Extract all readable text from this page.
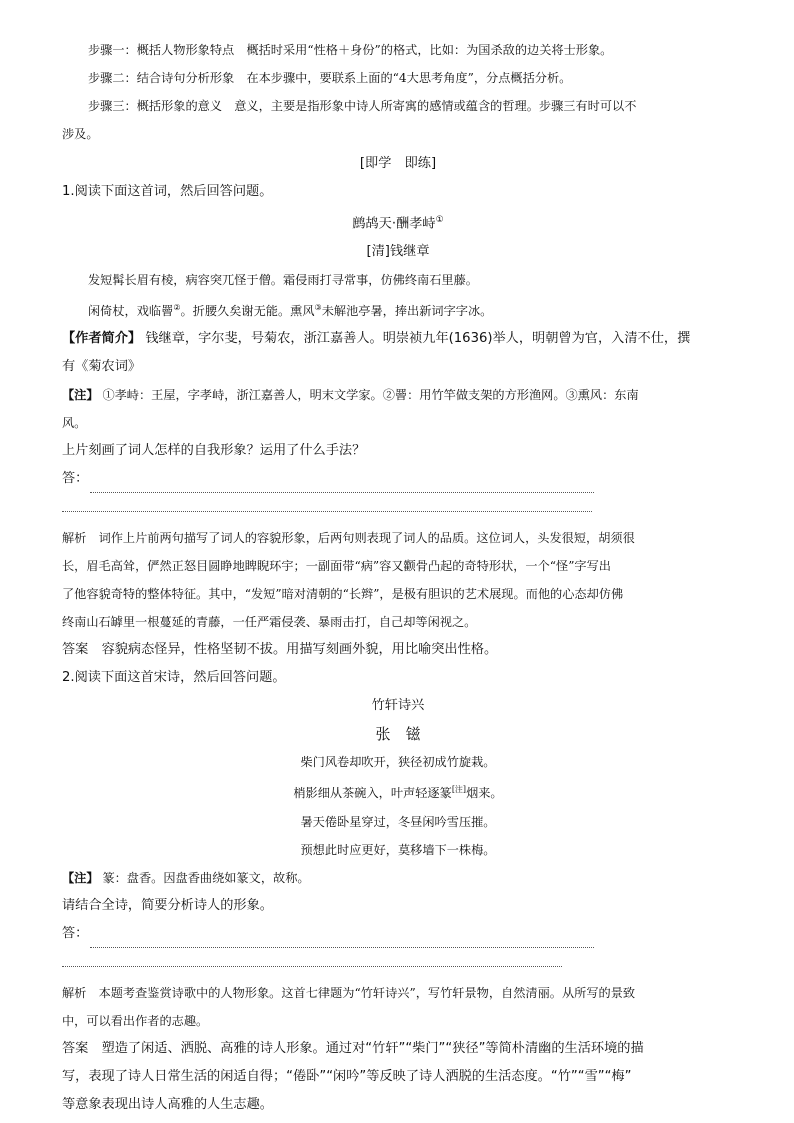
步骤一：概括人物形象特点　 概括时采用“性格＋身份”的格式，比如：为国杀敌的边关将士形象。
步骤二：结合诗句分析形象　 在本步骤中，要联系上面的“4大思考角度”，分点概括分析。
步骤三：概括形象的意义　 意义，主要是指形象中诗人所寄寓的感情或蕴含的哲理。步骤三有时可以不
涉及。
[即学　即练]
1.阅读下面这首词，然后回答问题。
鹧鸪天·酬孝峙①
[清]钱继章
发短髯长眉有棱，病容突兀怪于僧。霜侵雨打寻常事，仿佛终南石里藤。
闲倚杖，戏临罾②。折腰久矣谢无能。熏风③未解池亭暑，捧出新词字字冰。
【作者简介】 钱继章，字尔斐，号菊农，浙江嘉善人。明崇祯九年(1636)举人，明朝曾为官，入清不仕，撰
有《菊农词》
【注】 ①孝峙：王屋，字孝峙，浙江嘉善人，明末文学家。②罾：用竹竿做支架的方形渔网。③熏风：东南
风。
上片刻画了词人怎样的自我形象？运用了什么手法？
答：
解析　 词作上片前两句描写了词人的容貌形象，后两句则表现了词人的品质。这位词人，头发很短，胡须很
长，眉毛高耸，俨然正怒目圆睁地睥睨环宇；一副面带“病”容又颧骨凸起的奇特形状，一个“怪”字写出
了他容貌奇特的整体特征。其中，“发短”暗对清朝的“长辫”，是极有胆识的艺术展现。而他的心态却仿佛
终南山石罅里一根蔓延的青藤，一任严霜侵袭、暴雨击打，自己却等闲视之。
答案　 容貌病态怪异，性格坚韧不拔。用描写刻画外貌，用比喻突出性格。
2.阅读下面这首宋诗，然后回答问题。
竹轩诗兴
张　镃
柴门风卷却吹开，狭径初成竹旋栽。
梢影细从茶碗入，叶声轻逐篆[注]烟来。
暑天倦卧星穿过，冬昼闲吟雪压摧。
预想此时应更好，莫移墙下一株梅。
【注】 篆：盘香。因盘香曲绕如篆文，故称。
请结合全诗，简要分析诗人的形象。
答：
解析　 本题考查鉴赏诗歌中的人物形象。这首七律题为“竹轩诗兴”，写竹轩景物，自然清丽。从所写的景致
中，可以看出作者的志趣。
答案　 塑造了闲适、洒脱、高雅的诗人形象。通过对“竹轩”“柴门”“狭径”等简朴清幽的生活环境的描
写，表现了诗人日常生活的闲适自得；“倦卧”“闲吟”等反映了诗人洒脱的生活态度。“竹”“雪”“梅”
等意象表现出诗人高雅的人生志趣。
